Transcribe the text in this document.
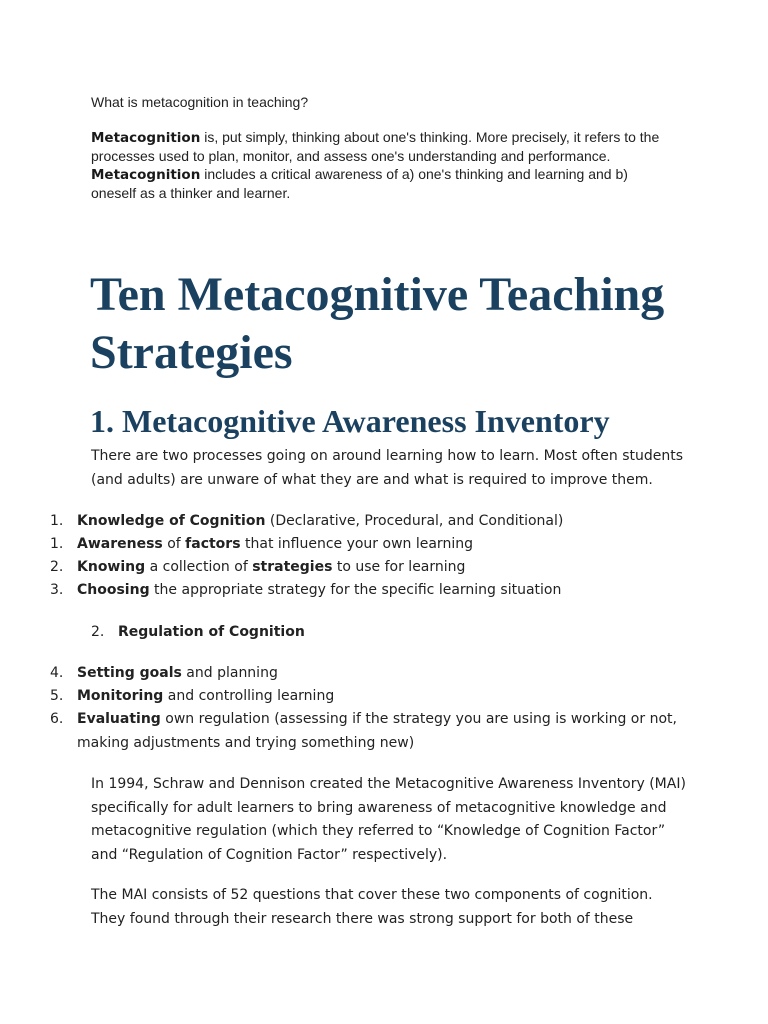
What is metacognition in teaching?

Metacognition is, put simply, thinking about one's thinking. More precisely, it refers to the processes used to plan, monitor, and assess one's understanding and performance. Metacognition includes a critical awareness of a) one's thinking and learning and b) oneself as a thinker and learner.

Ten Metacognitive Teaching Strategies
1. Metacognitive Awareness Inventory

There are two processes going on around learning how to learn. Most often students (and adults) are unware of what they are and what is required to improve them.

1. Knowledge of Cognition (Declarative, Procedural, and Conditional)
1. Awareness of factors that influence your own learning
2. Knowing a collection of strategies to use for learning
3. Choosing the appropriate strategy for the specific learning situation
2. Regulation of Cognition
4. Setting goals and planning
5. Monitoring and controlling learning
6. Evaluating own regulation (assessing if the strategy you are using is working or not, making adjustments and trying something new)

In 1994, Schraw and Dennison created the Metacognitive Awareness Inventory (MAI) specifically for adult learners to bring awareness of metacognitive knowledge and metacognitive regulation (which they referred to “Knowledge of Cognition Factor” and “Regulation of Cognition Factor” respectively).

The MAI consists of 52 questions that cover these two components of cognition. They found through their research there was strong support for both of these
